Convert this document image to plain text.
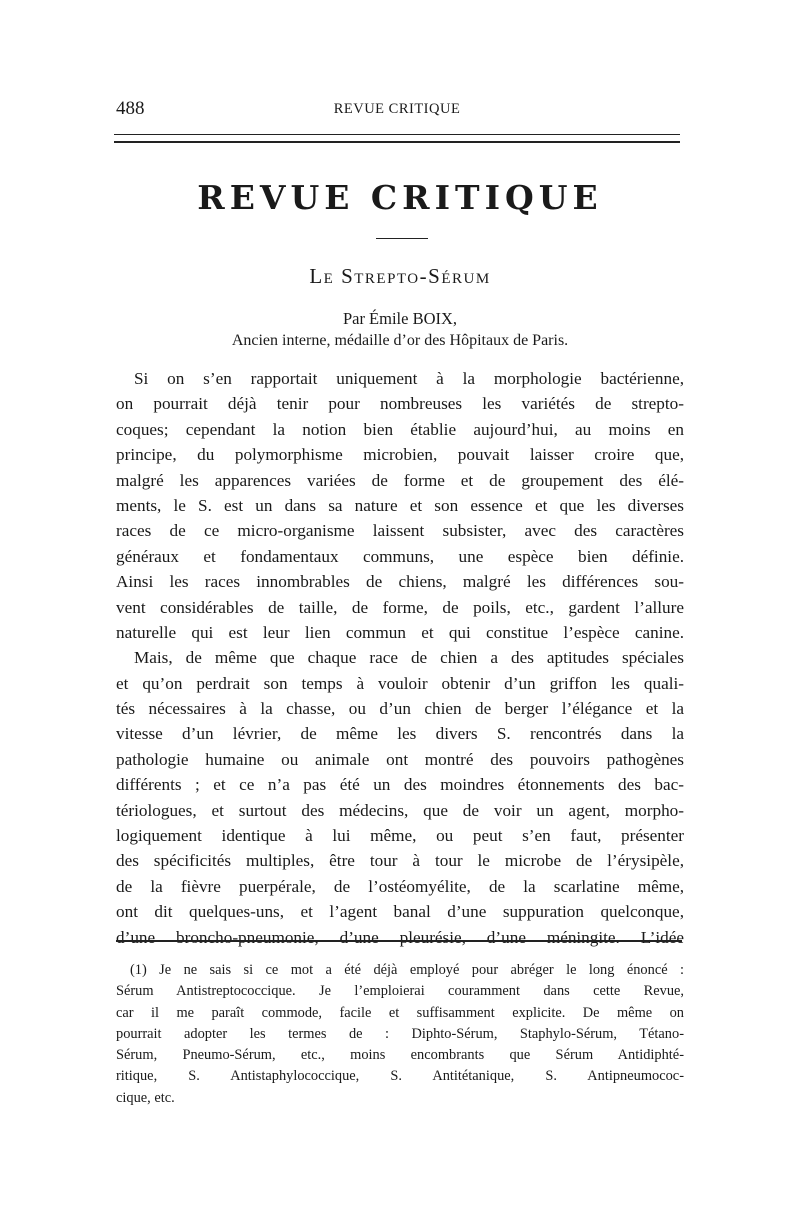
488	REVUE CRITIQUE
REVUE CRITIQUE
Le Strepto-Sérum
Par Émile BOIX,
Ancien interne, médaille d’or des Hôpitaux de Paris.
Si on s’en rapportait uniquement à la morphologie bactérienne,
on pourrait déjà tenir pour nombreuses les variétés de strepto-
coques; cependant la notion bien établie aujourd’hui, au moins en
principe, du polymorphisme microbien, pouvait laisser croire que,
malgré les apparences variées de forme et de groupement des élé-
ments, le S. est un dans sa nature et son essence et que les diverses
races de ce micro-organisme laissent subsister, avec des caractères
généraux et fondamentaux communs, une espèce bien définie.
Ainsi les races innombrables de chiens, malgré les différences sou-
vent considérables de taille, de forme, de poils, etc., gardent l’allure
naturelle qui est leur lien commun et qui constitue l’espèce canine.
Mais, de même que chaque race de chien a des aptitudes spéciales
et qu’on perdrait son temps à vouloir obtenir d’un griffon les quali-
tés nécessaires à la chasse, ou d’un chien de berger l’élégance et la
vitesse d’un lévrier, de même les divers S. rencontrés dans la
pathologie humaine ou animale ont montré des pouvoirs pathogènes
différents ; et ce n’a pas été un des moindres étonnements des bac-
tériologues, et surtout des médecins, que de voir un agent, morpho-
logiquement identique à lui même, ou peut s’en faut, présenter
des spécificités multiples, être tour à tour le microbe de l’érysipèle,
de la fièvre puerpérale, de l’ostéomyélite, de la scarlatine même,
ont dit quelques-uns, et l’agent banal d’une suppuration quelconque,
d’une broncho-pneumonie, d’une pleurésie, d’une méningite. L’idée
(1) Je ne sais si ce mot a été déjà employé pour abréger le long énoncé :
Sérum Antistreptococcique. Je l’emploierai couramment dans cette Revue,
car il me paraît commode, facile et suffisamment explicite. De même on
pourrait adopter les termes de : Diphto-Sérum, Staphylo-Sérum, Tétano-
Sérum, Pneumo-Sérum, etc., moins encombrants que Sérum Antidiphté-
ritique, S. Antistaphylococcique, S. Antitétanique, S. Antipneumococ-
cique, etc.
